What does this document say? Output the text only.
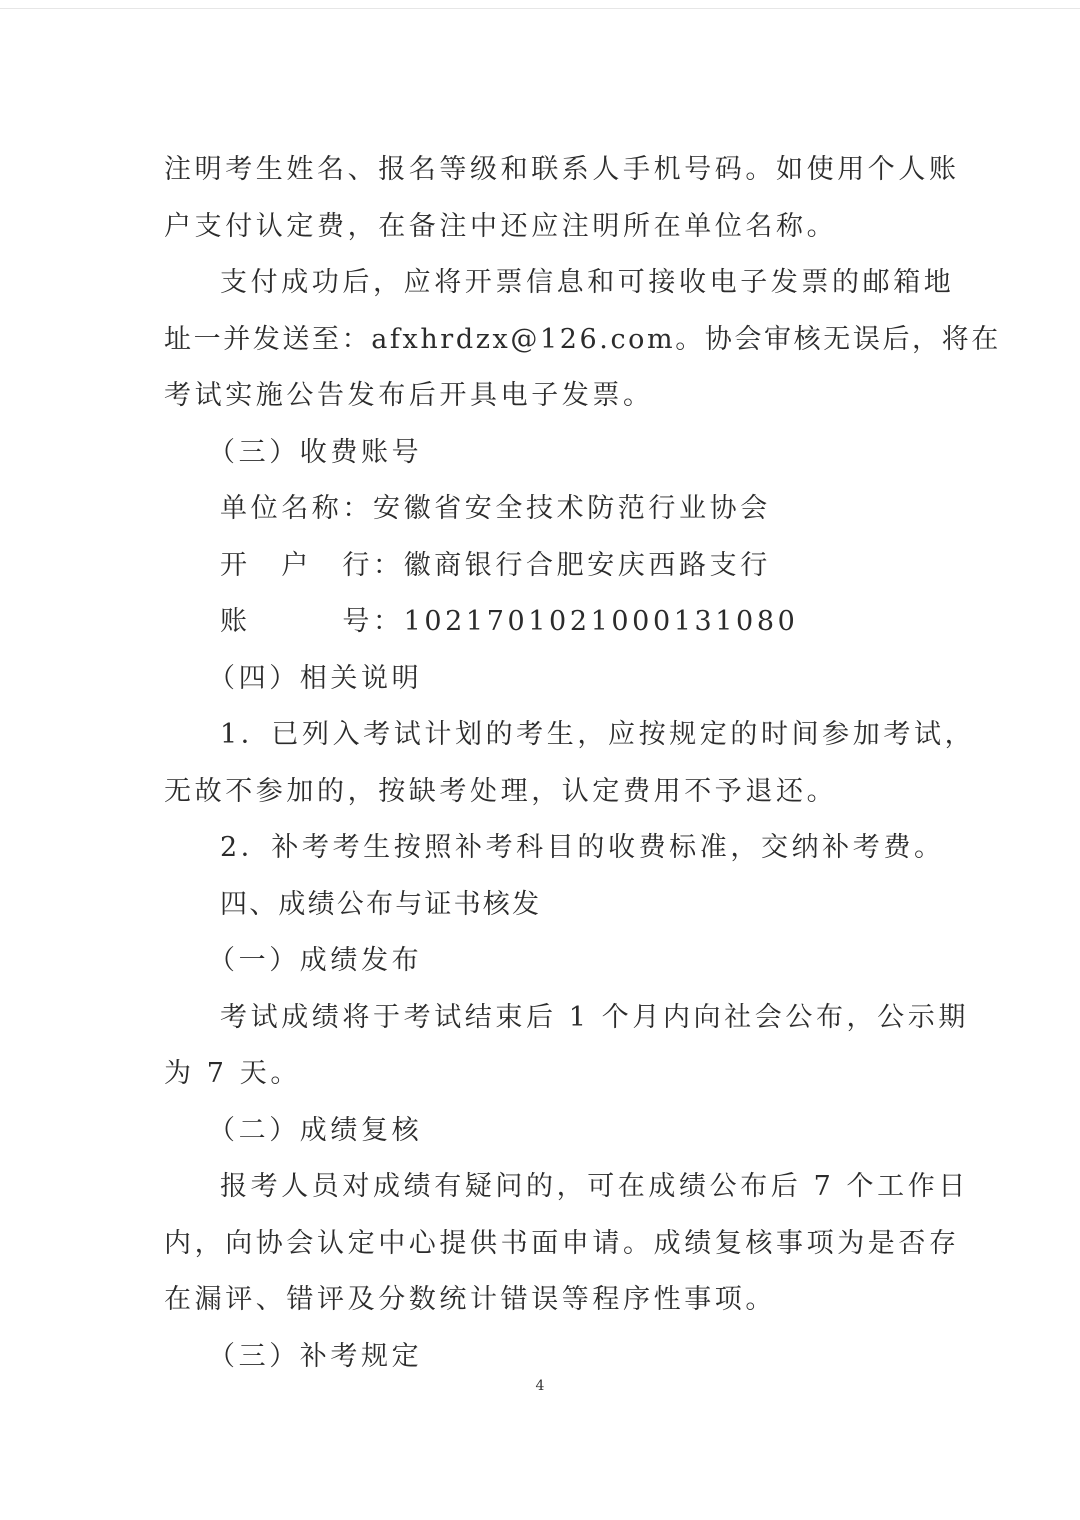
注明考生姓名、报名等级和联系人手机号码。如使用个人账

户支付认定费，在备注中还应注明所在单位名称。

支付成功后，应将开票信息和可接收电子发票的邮箱地

址一并发送至：afxhrdzx@126.com。协会审核无误后，将在

考试实施公告发布后开具电子发票。

（三）收费账号

单位名称：安徽省安全技术防范行业协会

开　户　行：徽商银行合肥安庆西路支行

账　　　号：1021701021000131080

（四）相关说明

1．已列入考试计划的考生，应按规定的时间参加考试，

无故不参加的，按缺考处理，认定费用不予退还。

2．补考考生按照补考科目的收费标准，交纳补考费。

四、成绩公布与证书核发

（一）成绩发布

考试成绩将于考试结束后 1 个月内向社会公布，公示期

为 7 天。

（二）成绩复核

报考人员对成绩有疑问的，可在成绩公布后 7 个工作日

内，向协会认定中心提供书面申请。成绩复核事项为是否存

在漏评、错评及分数统计错误等程序性事项。

（三）补考规定

4
